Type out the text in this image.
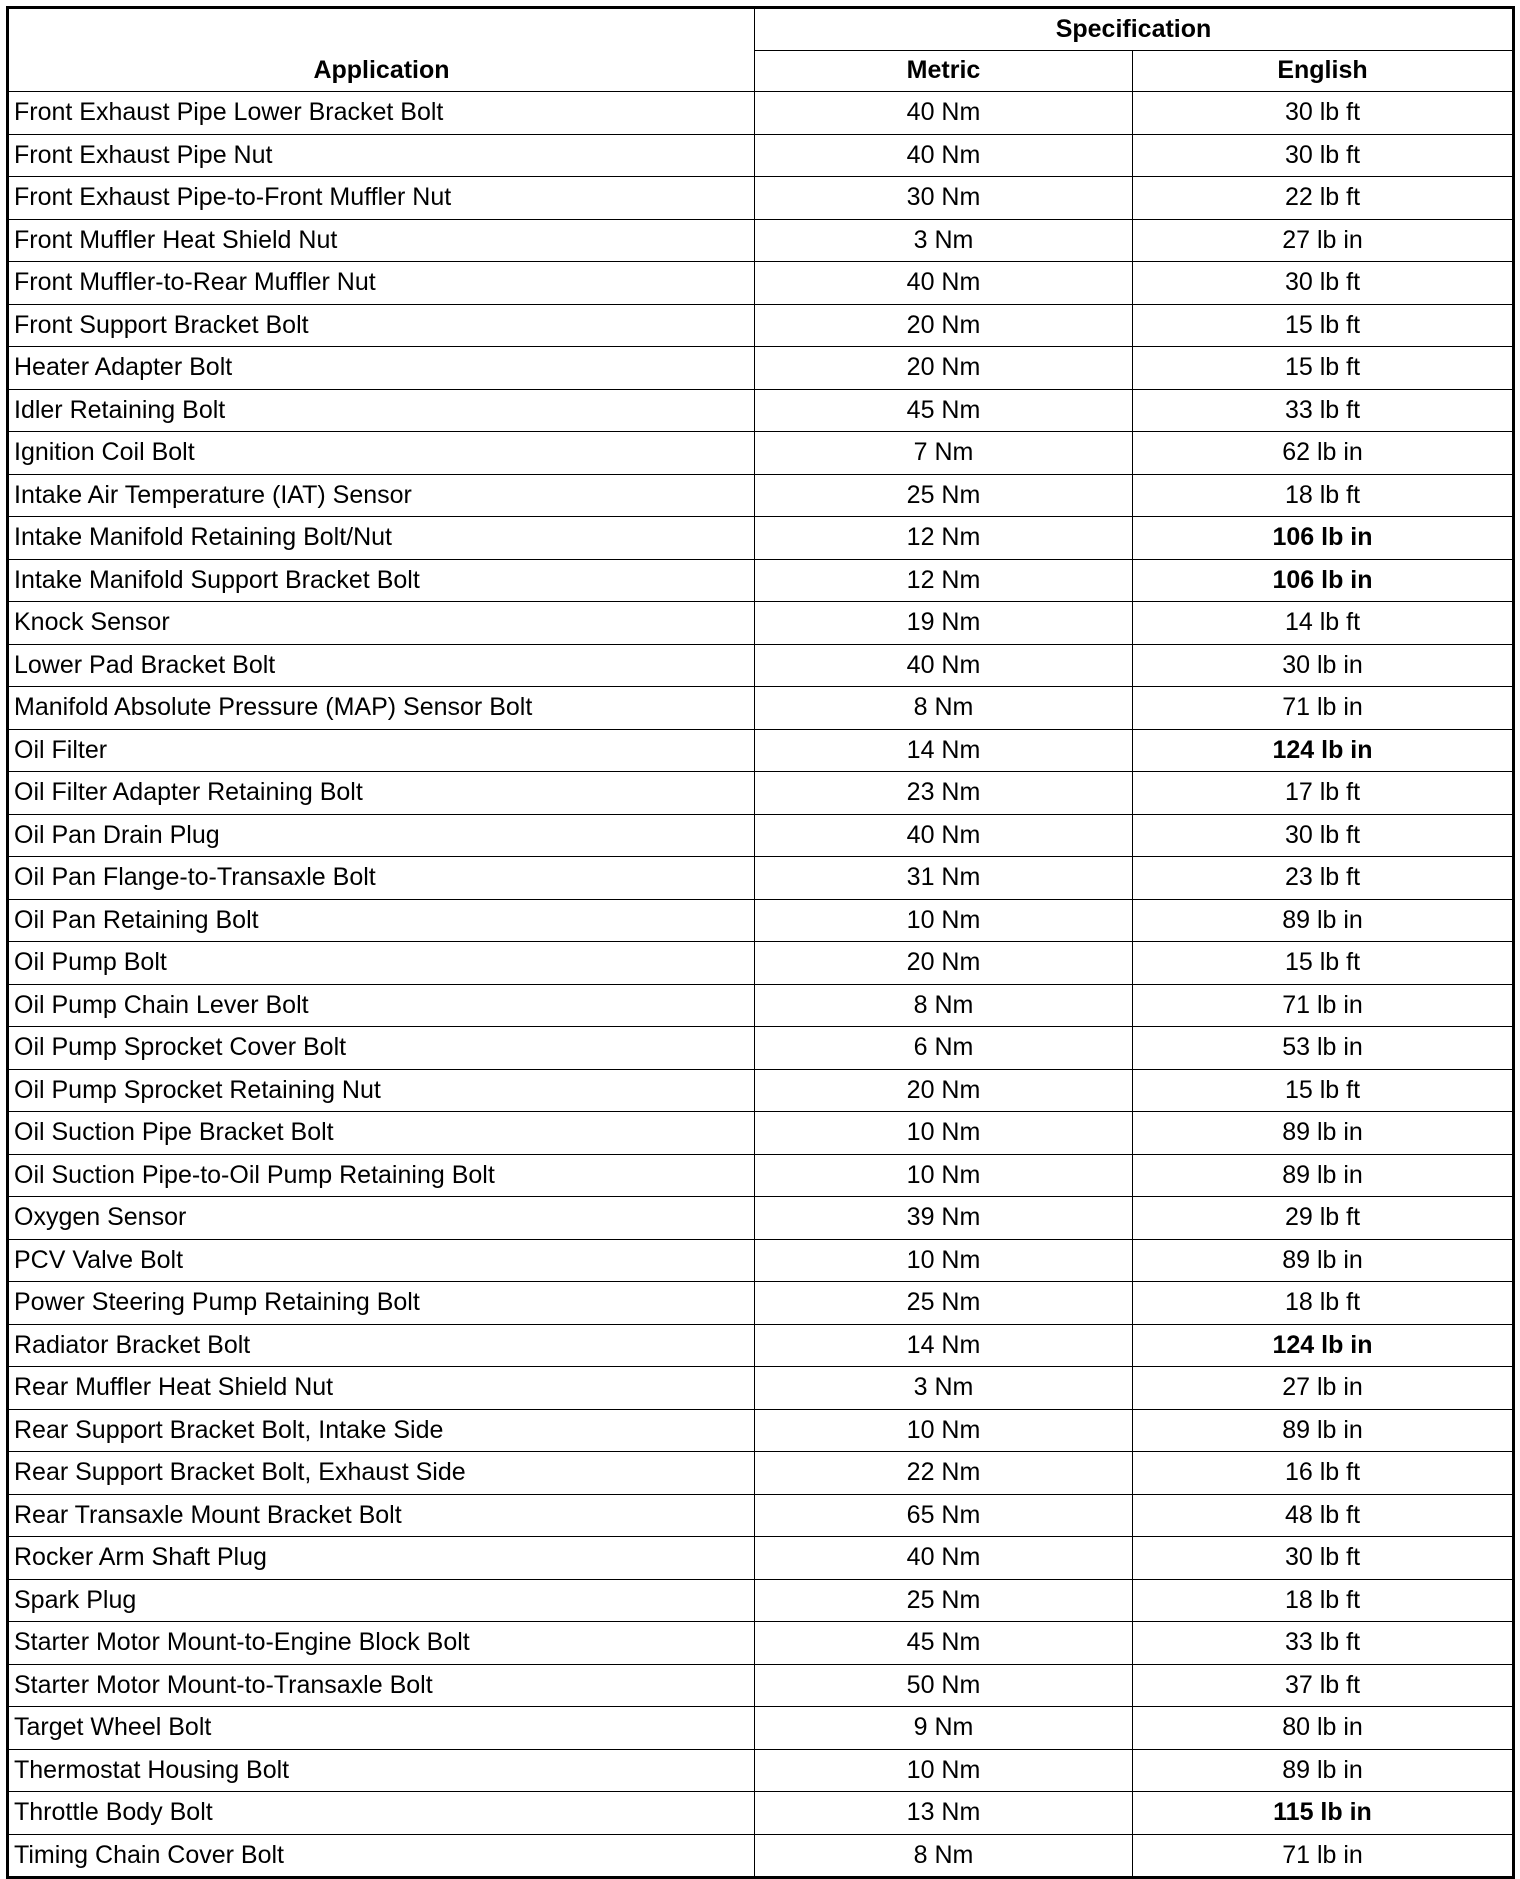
Application	Specification	
	Metric	English
Front Exhaust Pipe Lower Bracket Bolt	40 Nm	30 lb ft
Front Exhaust Pipe Nut	40 Nm	30 lb ft
Front Exhaust Pipe-to-Front Muffler Nut	30 Nm	22 lb ft
Front Muffler Heat Shield Nut	3 Nm	27 lb in
Front Muffler-to-Rear Muffler Nut	40 Nm	30 lb ft
Front Support Bracket Bolt	20 Nm	15 lb ft
Heater Adapter Bolt	20 Nm	15 lb ft
Idler Retaining Bolt	45 Nm	33 lb ft
Ignition Coil Bolt	7 Nm	62 lb in
Intake Air Temperature (IAT) Sensor	25 Nm	18 lb ft
Intake Manifold Retaining Bolt/Nut	12 Nm	106 lb in
Intake Manifold Support Bracket Bolt	12 Nm	106 lb in
Knock Sensor	19 Nm	14 lb ft
Lower Pad Bracket Bolt	40 Nm	30 lb in
Manifold Absolute Pressure (MAP) Sensor Bolt	8 Nm	71 lb in
Oil Filter	14 Nm	124 lb in
Oil Filter Adapter Retaining Bolt	23 Nm	17 lb ft
Oil Pan Drain Plug	40 Nm	30 lb ft
Oil Pan Flange-to-Transaxle Bolt	31 Nm	23 lb ft
Oil Pan Retaining Bolt	10 Nm	89 lb in
Oil Pump Bolt	20 Nm	15 lb ft
Oil Pump Chain Lever Bolt	8 Nm	71 lb in
Oil Pump Sprocket Cover Bolt	6 Nm	53 lb in
Oil Pump Sprocket Retaining Nut	20 Nm	15 lb ft
Oil Suction Pipe Bracket Bolt	10 Nm	89 lb in
Oil Suction Pipe-to-Oil Pump Retaining Bolt	10 Nm	89 lb in
Oxygen Sensor	39 Nm	29 lb ft
PCV Valve Bolt	10 Nm	89 lb in
Power Steering Pump Retaining Bolt	25 Nm	18 lb ft
Radiator Bracket Bolt	14 Nm	124 lb in
Rear Muffler Heat Shield Nut	3 Nm	27 lb in
Rear Support Bracket Bolt, Intake Side	10 Nm	89 lb in
Rear Support Bracket Bolt, Exhaust Side	22 Nm	16 lb ft
Rear Transaxle Mount Bracket Bolt	65 Nm	48 lb ft
Rocker Arm Shaft Plug	40 Nm	30 lb ft
Spark Plug	25 Nm	18 lb ft
Starter Motor Mount-to-Engine Block Bolt	45 Nm	33 lb ft
Starter Motor Mount-to-Transaxle Bolt	50 Nm	37 lb ft
Target Wheel Bolt	9 Nm	80 lb in
Thermostat Housing Bolt	10 Nm	89 lb in
Throttle Body Bolt	13 Nm	115 lb in
Timing Chain Cover Bolt	8 Nm	71 lb in
